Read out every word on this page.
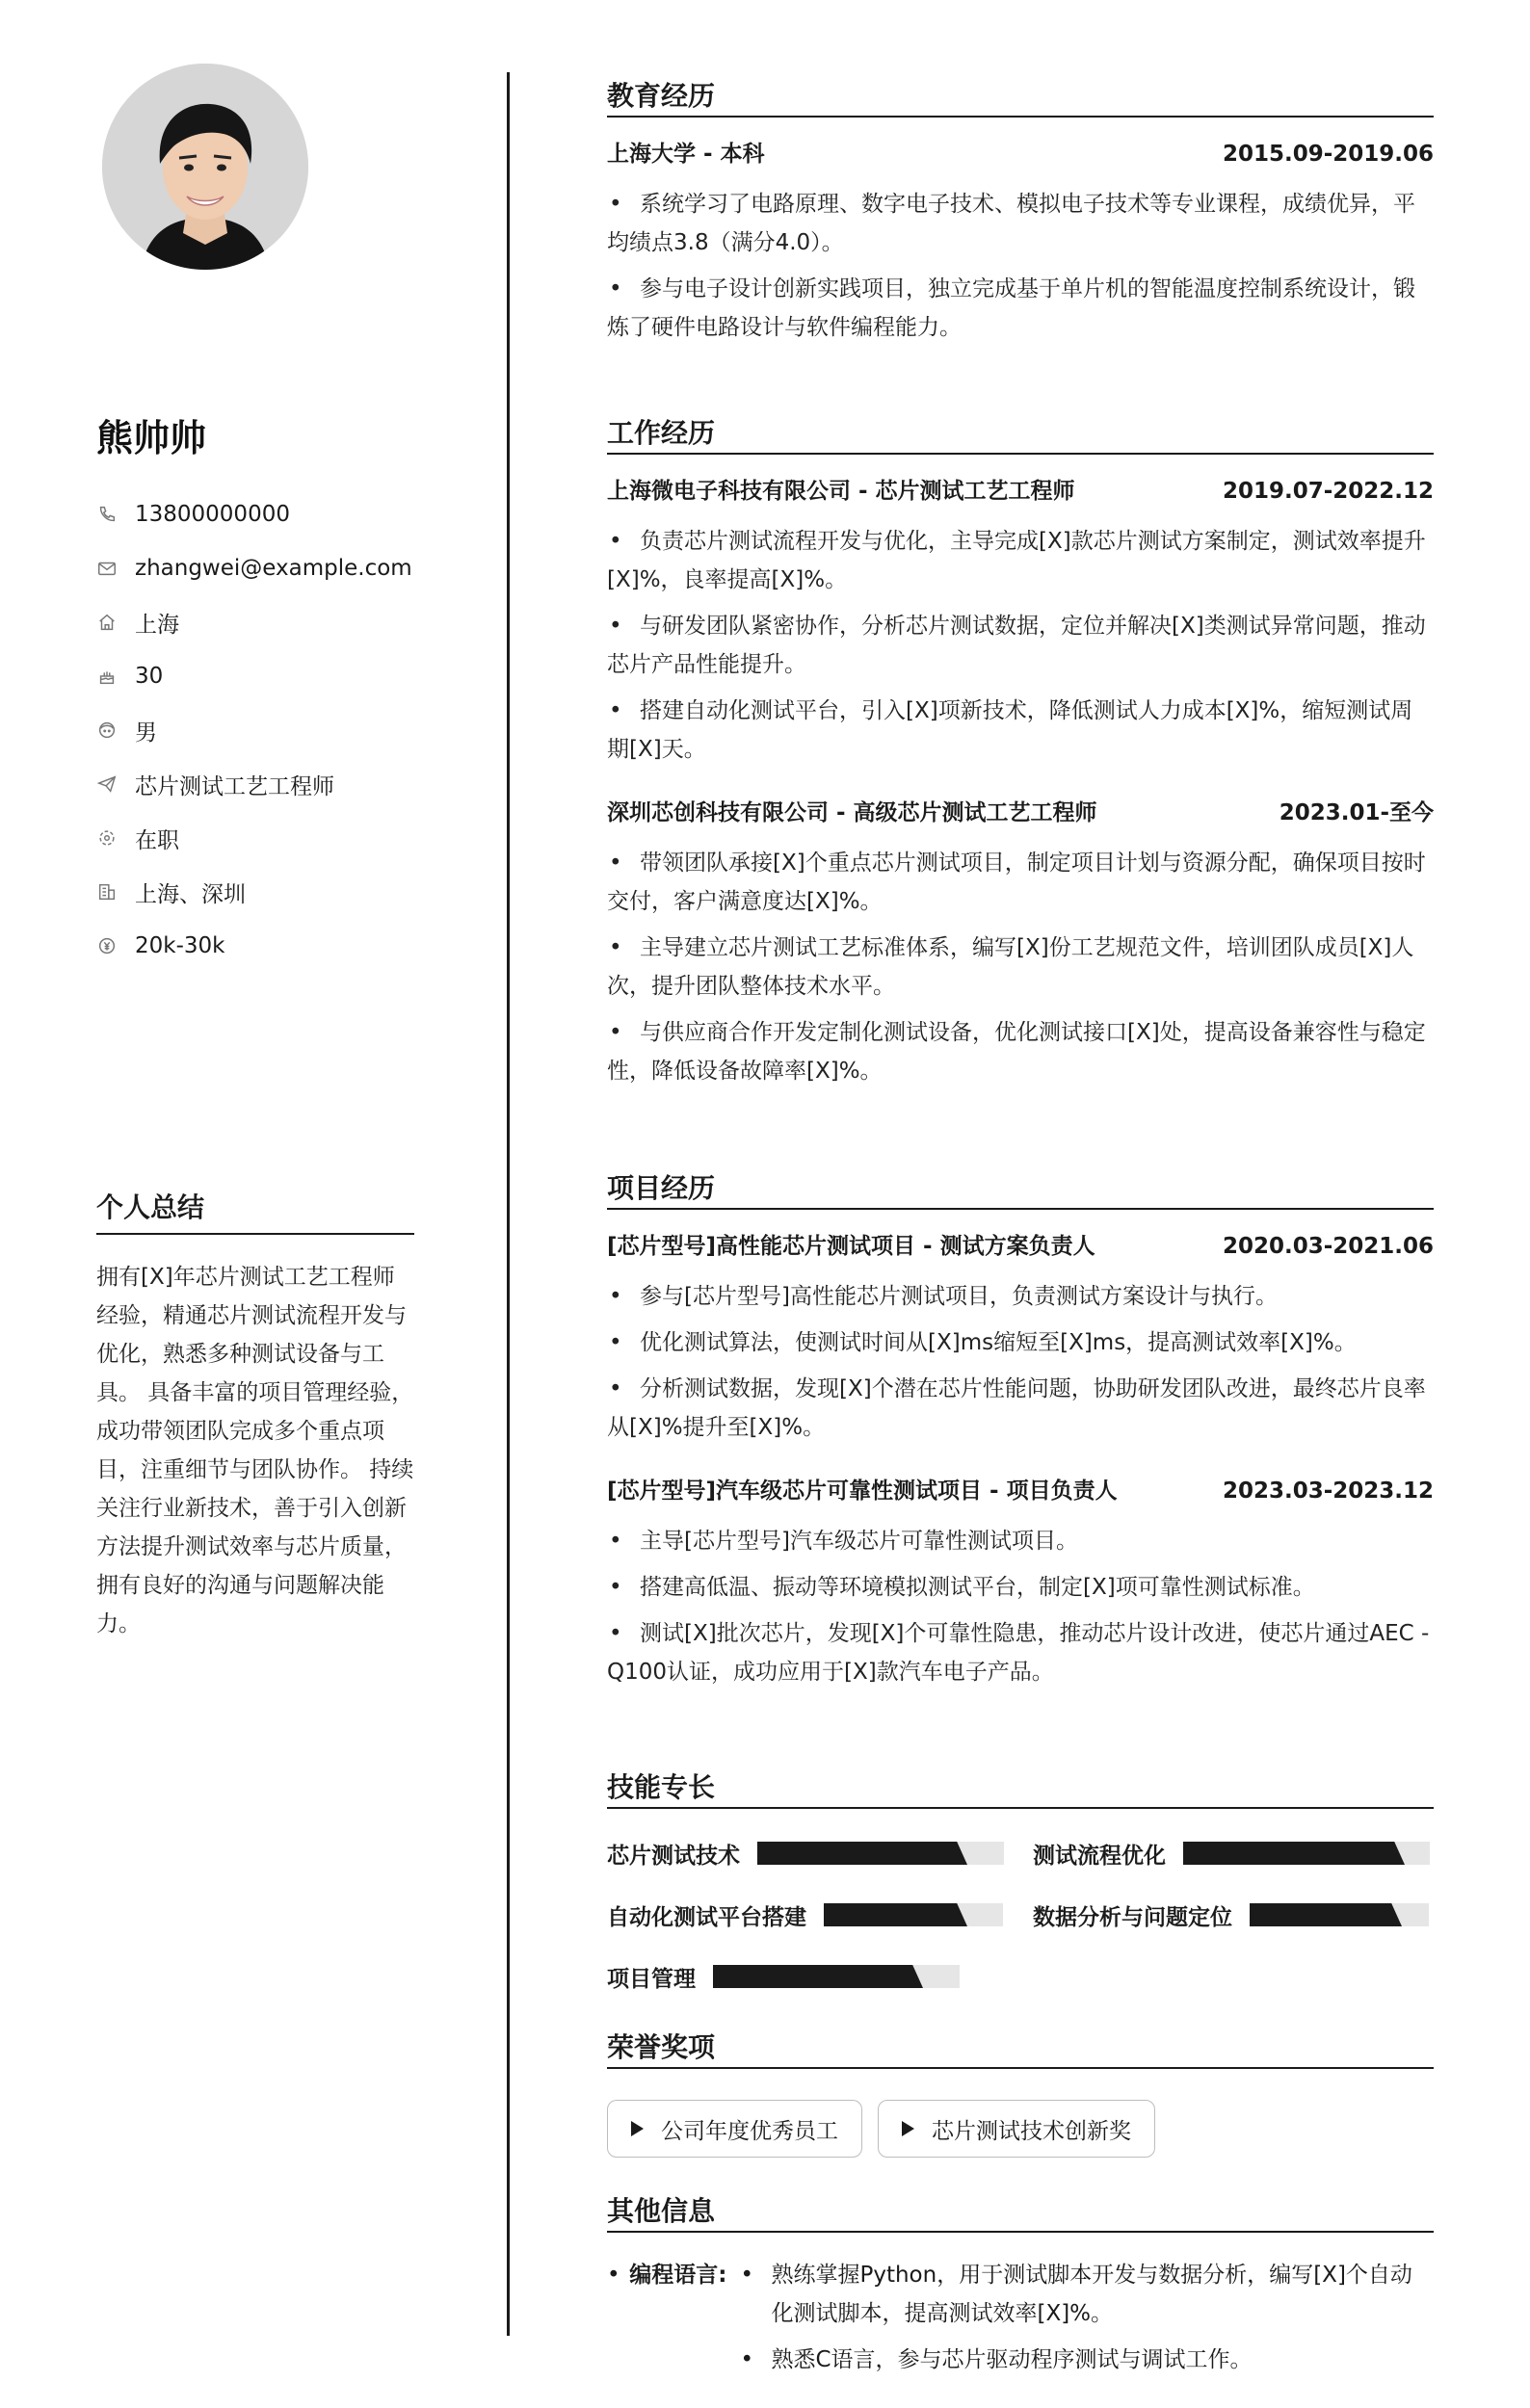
熊帅帅
13800000000
zhangwei@example.com
上海
30
男
芯片测试工艺工程师
在职
上海、深圳
20k-30k
个人总结

拥有[X]年芯片测试工艺工程师经验，精通芯片测试流程开发与优化，熟悉多种测试设备与工具。 具备丰富的项目管理经验，成功带领团队完成多个重点项目，注重细节与团队协作。 持续关注行业新技术，善于引入创新方法提升测试效率与芯片质量，拥有良好的沟通与问题解决能力。

教育经历
上海大学 - 本科	2015.09-2019.06
• 系统学习了电路原理、数字电子技术、模拟电子技术等专业课程，成绩优异，平均绩点3.8（满分4.0）。
• 参与电子设计创新实践项目，独立完成基于单片机的智能温度控制系统设计，锻炼了硬件电路设计与软件编程能力。
工作经历
上海微电子科技有限公司 - 芯片测试工艺工程师	2019.07-2022.12
• 负责芯片测试流程开发与优化，主导完成[X]款芯片测试方案制定，测试效率提升[X]%，良率提高[X]%。
• 与研发团队紧密协作，分析芯片测试数据，定位并解决[X]类测试异常问题，推动芯片产品性能提升。
• 搭建自动化测试平台，引入[X]项新技术，降低测试人力成本[X]%，缩短测试周期[X]天。
深圳芯创科技有限公司 - 高级芯片测试工艺工程师	2023.01-至今
• 带领团队承接[X]个重点芯片测试项目，制定项目计划与资源分配，确保项目按时交付，客户满意度达[X]%。
• 主导建立芯片测试工艺标准体系，编写[X]份工艺规范文件，培训团队成员[X]人次，提升团队整体技术水平。
• 与供应商合作开发定制化测试设备，优化测试接口[X]处，提高设备兼容性与稳定性，降低设备故障率[X]%。
项目经历
[芯片型号]高性能芯片测试项目 - 测试方案负责人	2020.03-2021.06
• 参与[芯片型号]高性能芯片测试项目，负责测试方案设计与执行。
• 优化测试算法，使测试时间从[X]ms缩短至[X]ms，提高测试效率[X]%。
• 分析测试数据，发现[X]个潜在芯片性能问题，协助研发团队改进，最终芯片良率从[X]%提升至[X]%。
[芯片型号]汽车级芯片可靠性测试项目 - 项目负责人	2023.03-2023.12
• 主导[芯片型号]汽车级芯片可靠性测试项目。
• 搭建高低温、振动等环境模拟测试平台，制定[X]项可靠性测试标准。
• 测试[X]批次芯片，发现[X]个可靠性隐患，推动芯片设计改进，使芯片通过AEC - Q100认证，成功应用于[X]款汽车电子产品。
技能专长
芯片测试技术	测试流程优化
自动化测试平台搭建	数据分析与问题定位
项目管理
荣誉奖项
公司年度优秀员工	芯片测试技术创新奖
其他信息
• 编程语言:
•	熟练掌握Python，用于测试脚本开发与数据分析，编写[X]个自动化测试脚本，提高测试效率[X]%。
• 熟悉C语言，参与芯片驱动程序测试与调试工作。
